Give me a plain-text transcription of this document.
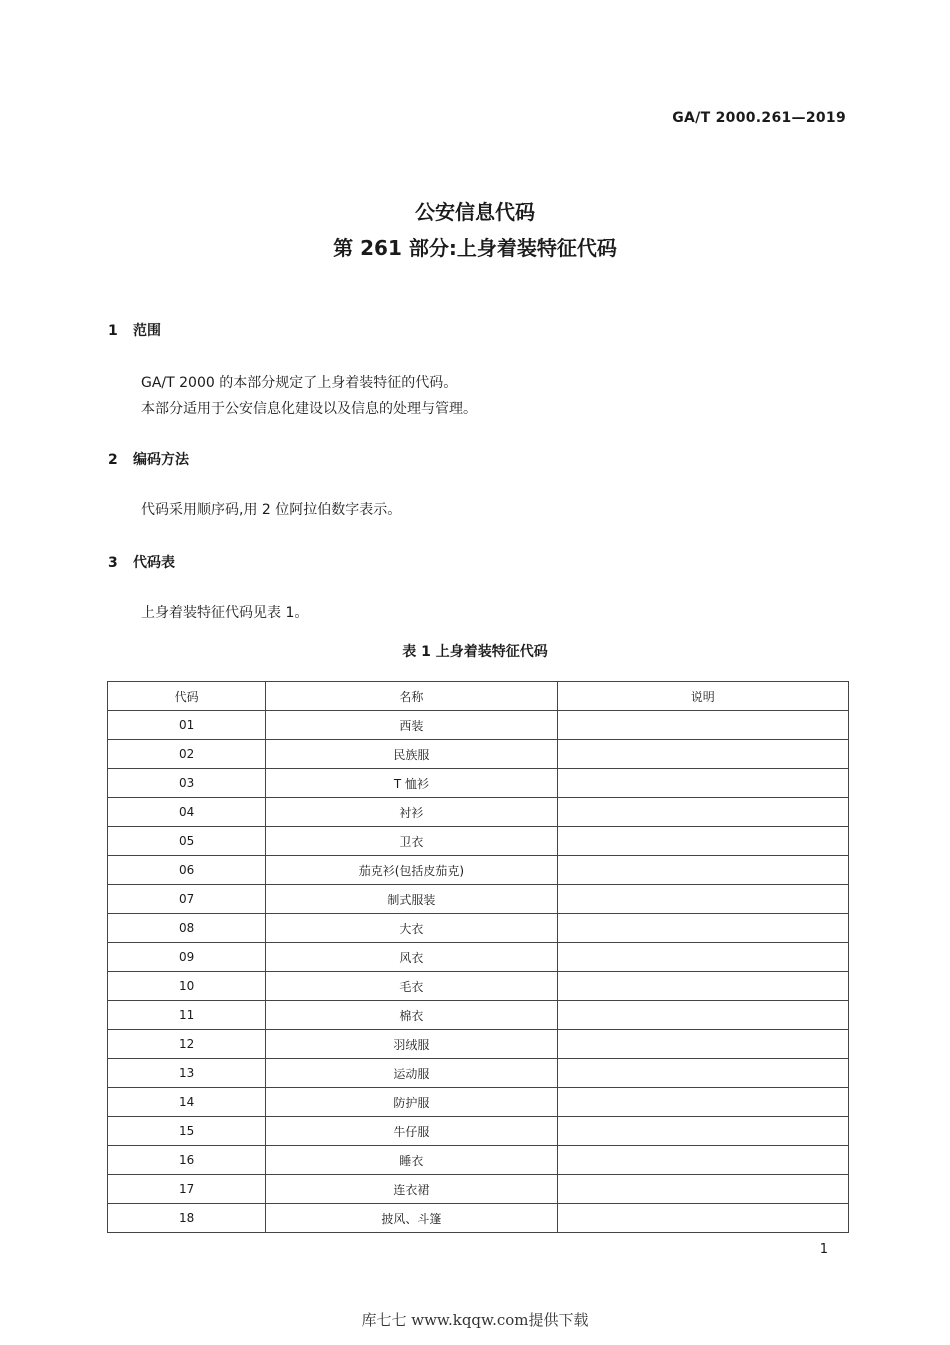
GA/T 2000.261—2019
公安信息代码
第 261 部分:上身着装特征代码
1 范围
GA/T 2000 的本部分规定了上身着装特征的代码。
本部分适用于公安信息化建设以及信息的处理与管理。
2 编码方法
代码采用顺序码,用 2 位阿拉伯数字表示。
3 代码表
上身着装特征代码见表 1。
表 1 上身着装特征代码
代码	名称	说明
01	西装	
02	民族服	
03	T 恤衫	
04	衬衫	
05	卫衣	
06	茄克衫(包括皮茄克)	
07	制式服装	
08	大衣	
09	风衣	
10	毛衣	
11	棉衣	
12	羽绒服	
13	运动服	
14	防护服	
15	牛仔服	
16	睡衣	
17	连衣裙	
18	披风、斗篷	
1
库七七 www.kqqw.com提供下载
